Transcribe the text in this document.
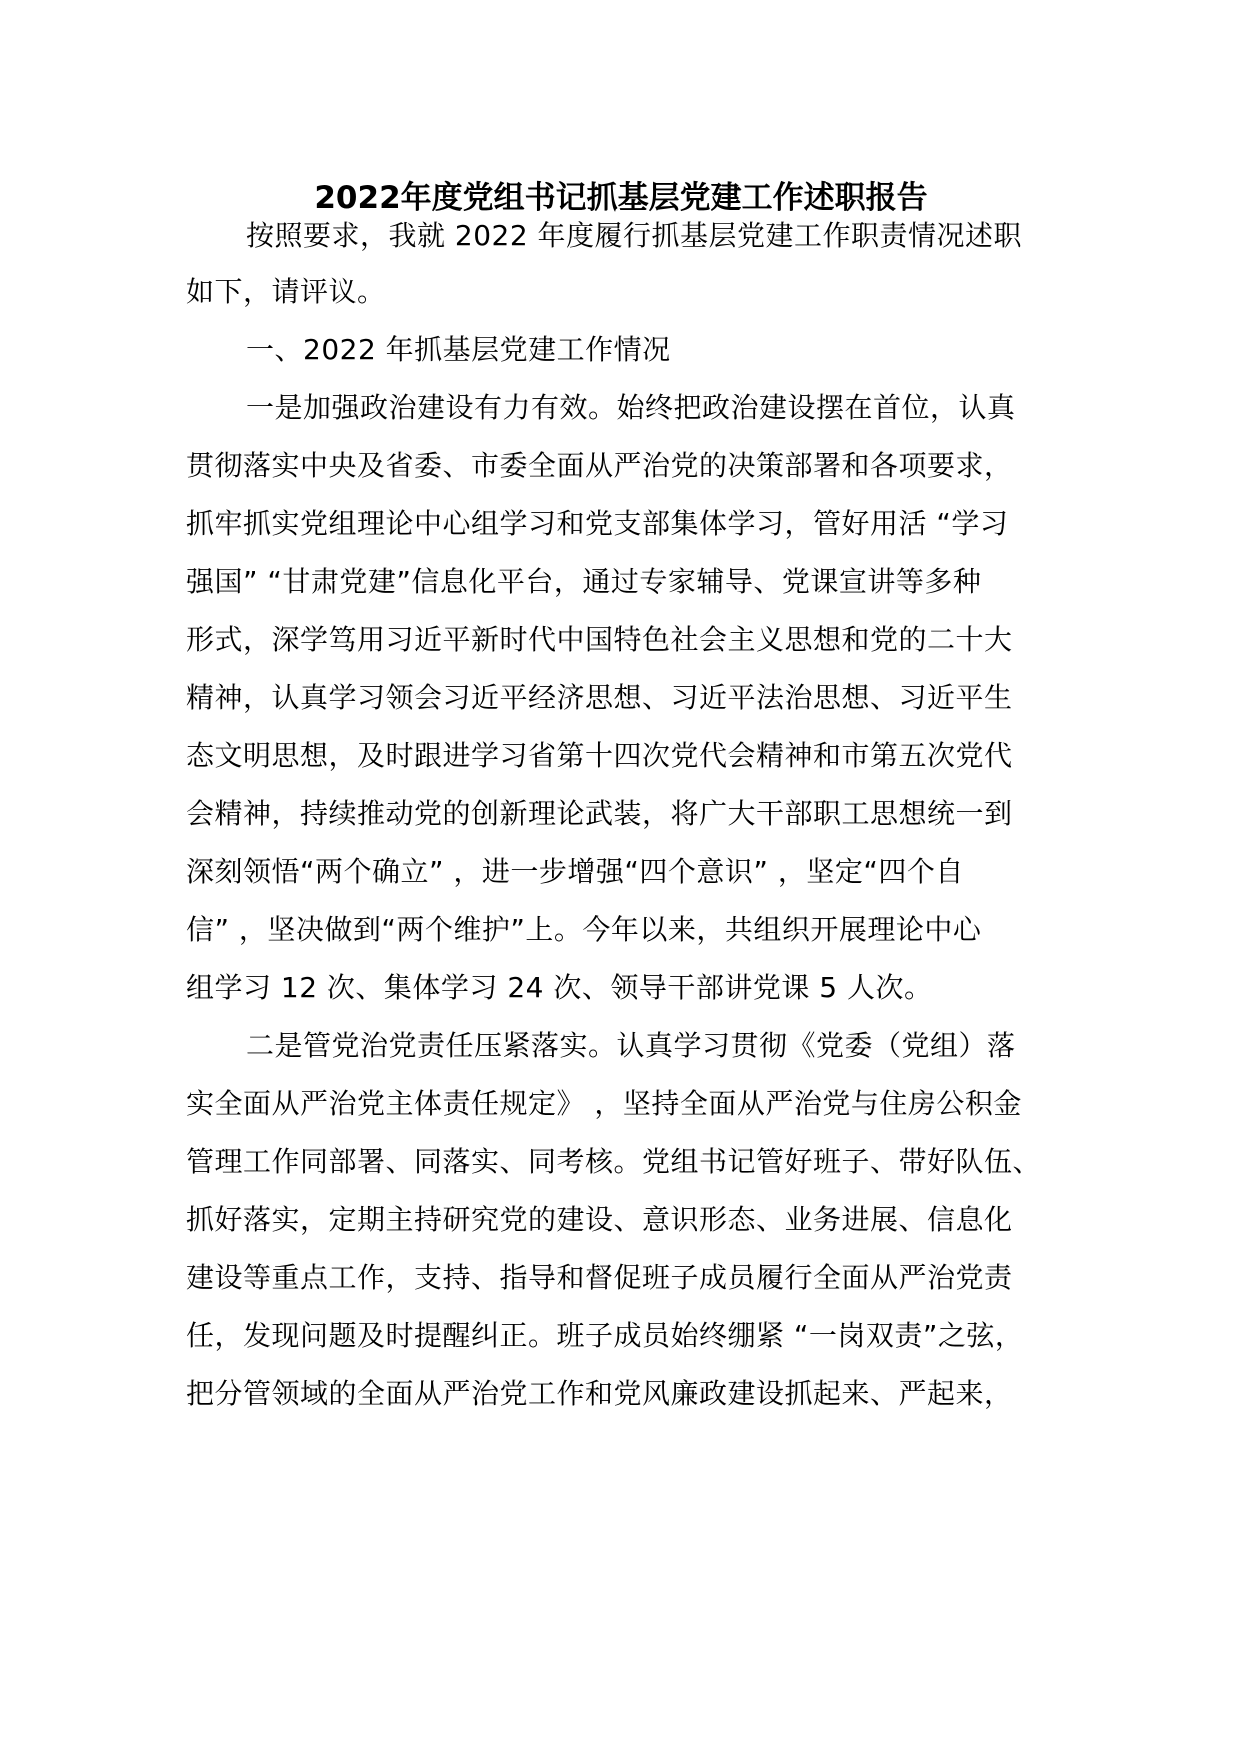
2022年度党组书记抓基层党建工作述职报告
按照要求，我就 2022 年度履行抓基层党建工作职责情况述职
如下，请评议。
一、2022 年抓基层党建工作情况
一是加强政治建设有力有效。始终把政治建设摆在首位，认真
贯彻落实中央及省委、市委全面从严治党的决策部署和各项要求，
抓牢抓实党组理论中心组学习和党支部集体学习，管好用活 “学习
强国” “甘肃党建”信息化平台，通过专家辅导、党课宣讲等多种
形式，深学笃用习近平新时代中国特色社会主义思想和党的二十大
精神，认真学习领会习近平经济思想、习近平法治思想、习近平生
态文明思想，及时跟进学习省第十四次党代会精神和市第五次党代
会精神，持续推动党的创新理论武装，将广大干部职工思想统一到
深刻领悟“两个确立” ，进一步增强“四个意识” ，坚定“四个自
信” ，坚决做到“两个维护”上。今年以来，共组织开展理论中心
组学习 12 次、集体学习 24 次、领导干部讲党课 5 人次。
二是管党治党责任压紧落实。认真学习贯彻《党委（党组）落
实全面从严治党主体责任规定》 ，坚持全面从严治党与住房公积金
管理工作同部署、同落实、同考核。党组书记管好班子、带好队伍、
抓好落实，定期主持研究党的建设、意识形态、业务进展、信息化
建设等重点工作，支持、指导和督促班子成员履行全面从严治党责
任，发现问题及时提醒纠正。班子成员始终绷紧 “一岗双责”之弦，
把分管领域的全面从严治党工作和党风廉政建设抓起来、严起来，
